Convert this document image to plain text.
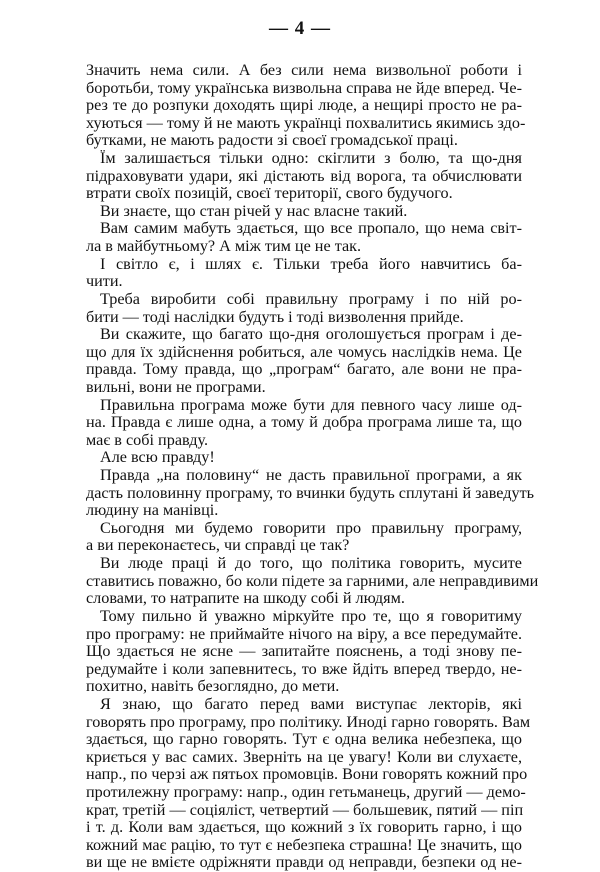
— 4 —
Значить нема сили. А без сили нема визвольної роботи і
боротьби, тому українська визвольна справа не йде вперед. Че-
рез те до розпуки доходять щирі люде, а нещирі просто не ра-
хуються — тому й не мають українці похвалитись якимись здо-
бутками, не мають радости зі своєї громадської праці.
Їм залишається тільки одно: скіглити з болю, та що-дня
підраховувати удари, які дістають від ворога, та обчислювати
втрати своїх позицій, своєї території, свого будучого.
Ви знаєте, що стан річей у нас власне такий.
Вам самим мабуть здається, що все пропало, що нема світ-
ла в майбутньому? А між тим це не так.
І світло є, і шлях є. Тільки треба його навчитись ба-
чити.
Треба виробити собі правильну програму і по ній ро-
бити — тоді наслідки будуть і тоді визволення прийде.
Ви скажите, що багато що-дня оголошується програм і де-
що для їх здійснення робиться, але чомусь наслідків нема. Це
правда. Тому правда, що „програм“ багато, але вони не пра-
вильні, вони не програми.
Правильна програма може бути для певного часу лише од-
на. Правда є лише одна, а тому й добра програма лише та, що
має в собі правду.
Але всю правду!
Правда „на половину“ не дасть правильної програми, а як
дасть половинну програму, то вчинки будуть сплутані й заведуть
людину на манівці.
Сьогодня ми будемо говорити про правильну програму,
а ви переконаєтесь, чи справді це так?
Ви люде праці й до того, що політика говорить, мусите
ставитись поважно, бо коли підете за гарними, але неправдивими
словами, то натрапите на шкоду собі й людям.
Тому пильно й уважно міркуйте про те, що я говоритиму
про програму: не приймайте нічого на віру, а все передумайте.
Що здається не ясне — запитайте пояснень, а тоді знову пе-
редумайте і коли запевнитесь, то вже йдіть вперед твердо, не-
похитно, навіть безоглядно, до мети.
Я знаю, що багато перед вами виступає лекторів, які
говорять про програму, про політику. Иноді гарно говорять. Вам
здається, що гарно говорять. Тут є одна велика небезпека, що
криється у вас самих. Зверніть на це увагу! Коли ви слухаєте,
напр., по черзі аж пятьох промовців. Вони говорять кожний про
протилежну програму: напр., один гетьманець, другий — демо-
крат, третій — соціяліст, четвертий — большевик, пятий — піп
і т. д. Коли вам здається, що кожний з їх говорить гарно, і що
кожний має рацію, то тут є небезпека страшна! Це значить, що
ви ще не вмієте одріжняти правди од неправди, безпеки од не-
